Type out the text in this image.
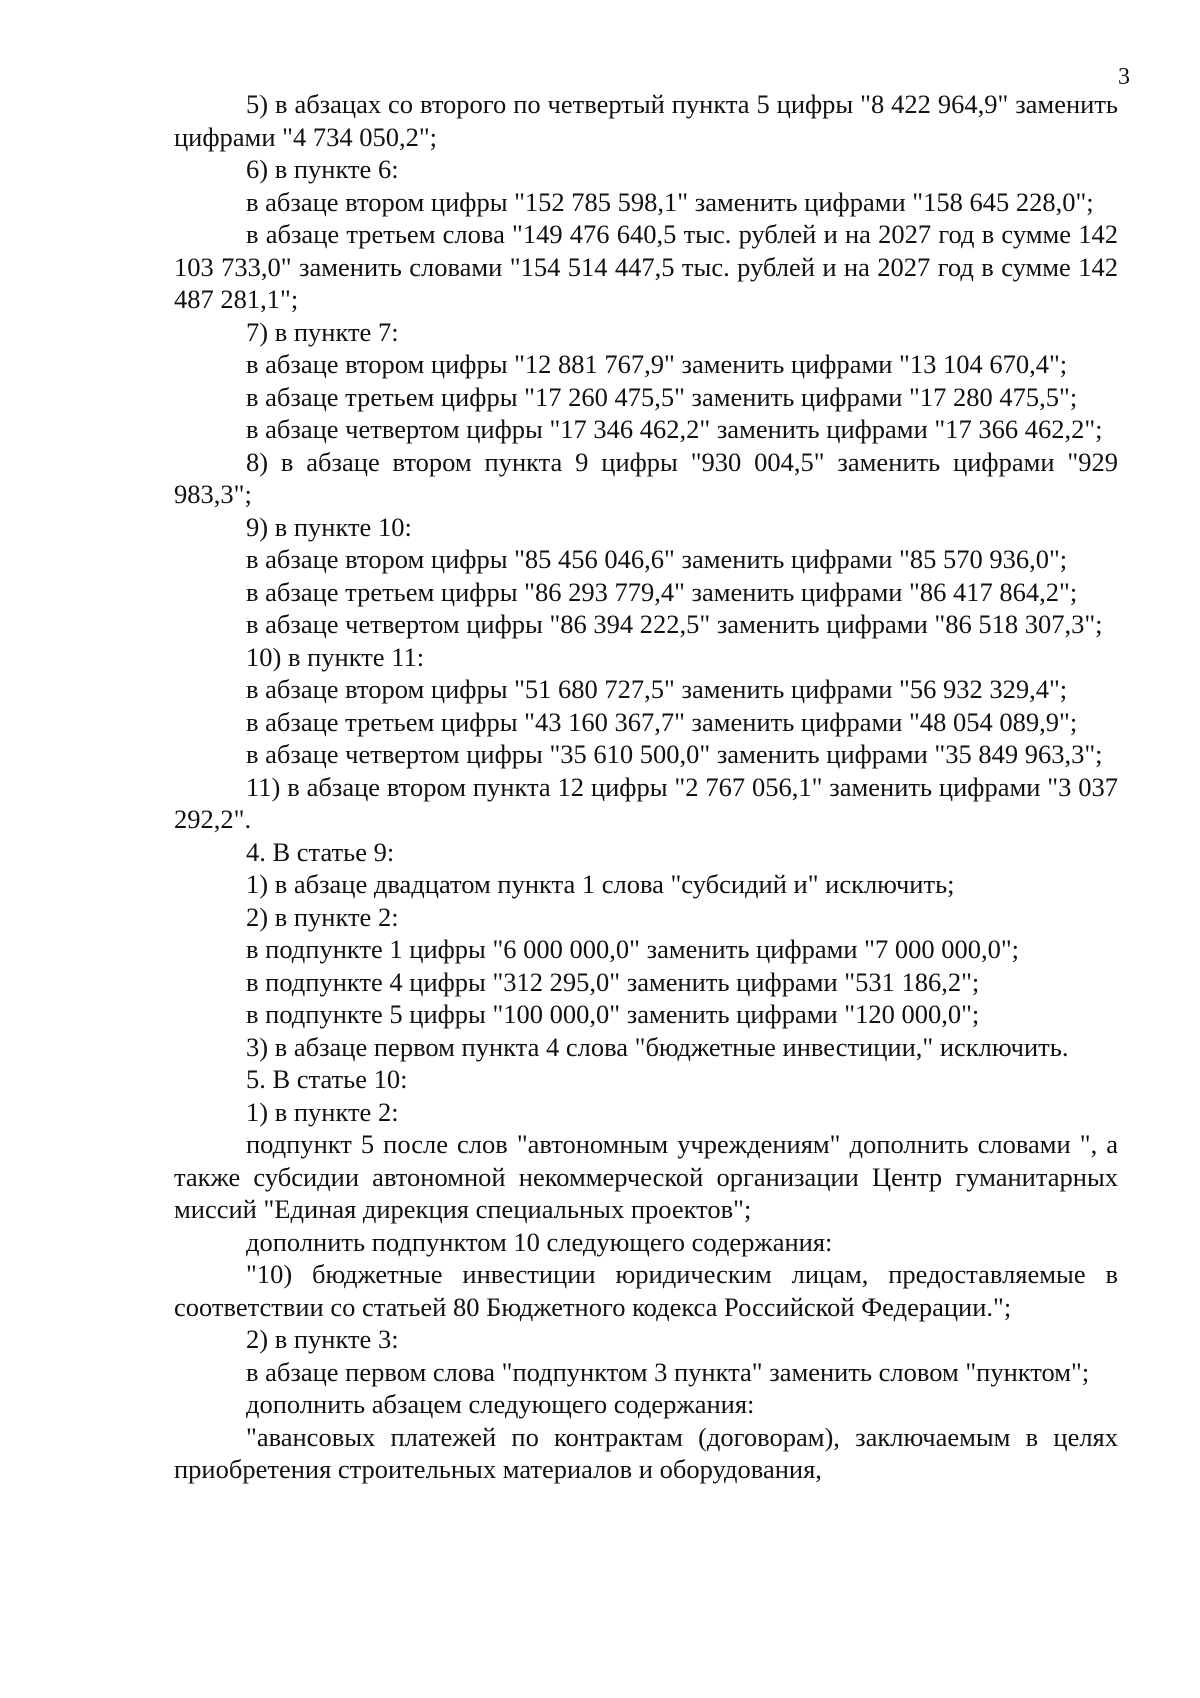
3

5) в абзацах со второго по четвертый пункта 5 цифры "8 422 964,9" заменить цифрами "4 734 050,2";

6) в пункте 6:

в абзаце втором цифры "152 785 598,1" заменить цифрами "158 645 228,0";

в абзаце третьем слова "149 476 640,5 тыс. рублей и на 2027 год в сумме 142 103 733,0" заменить словами "154 514 447,5 тыс. рублей и на 2027 год в сумме 142 487 281,1";

7) в пункте 7:

в абзаце втором цифры "12 881 767,9" заменить цифрами "13 104 670,4";

в абзаце третьем цифры "17 260 475,5" заменить цифрами "17 280 475,5";

в абзаце четвертом цифры "17 346 462,2" заменить цифрами "17 366 462,2";

8) в абзаце втором пункта 9 цифры "930 004,5" заменить цифрами "929 983,3";

9) в пункте 10:

в абзаце втором цифры "85 456 046,6" заменить цифрами "85 570 936,0";

в абзаце третьем цифры "86 293 779,4" заменить цифрами "86 417 864,2";

в абзаце четвертом цифры "86 394 222,5" заменить цифрами "86 518 307,3";

10) в пункте 11:

в абзаце втором цифры "51 680 727,5" заменить цифрами "56 932 329,4";

в абзаце третьем цифры "43 160 367,7" заменить цифрами "48 054 089,9";

в абзаце четвертом цифры "35 610 500,0" заменить цифрами "35 849 963,3";

11) в абзаце втором пункта 12 цифры "2 767 056,1" заменить цифрами "3 037 292,2".

4. В статье 9:

1) в абзаце двадцатом пункта 1 слова "субсидий и" исключить;

2) в пункте 2:

в подпункте 1 цифры "6 000 000,0" заменить цифрами "7 000 000,0";

в подпункте 4 цифры "312 295,0" заменить цифрами "531 186,2";

в подпункте 5 цифры "100 000,0" заменить цифрами "120 000,0";

3) в абзаце первом пункта 4 слова "бюджетные инвестиции," исключить.

5. В статье 10:

1) в пункте 2:

подпункт 5 после слов "автономным учреждениям" дополнить словами ", а также субсидии автономной некоммерческой организации Центр гуманитарных миссий "Единая дирекция специальных проектов";

дополнить подпунктом 10 следующего содержания:

"10) бюджетные инвестиции юридическим лицам, предоставляемые в соответствии со статьей 80 Бюджетного кодекса Российской Федерации.";

2) в пункте 3:

в абзаце первом слова "подпунктом 3 пункта" заменить словом "пунктом";

дополнить абзацем следующего содержания:

"авансовых платежей по контрактам (договорам), заключаемым в целях приобретения строительных материалов и оборудования,
